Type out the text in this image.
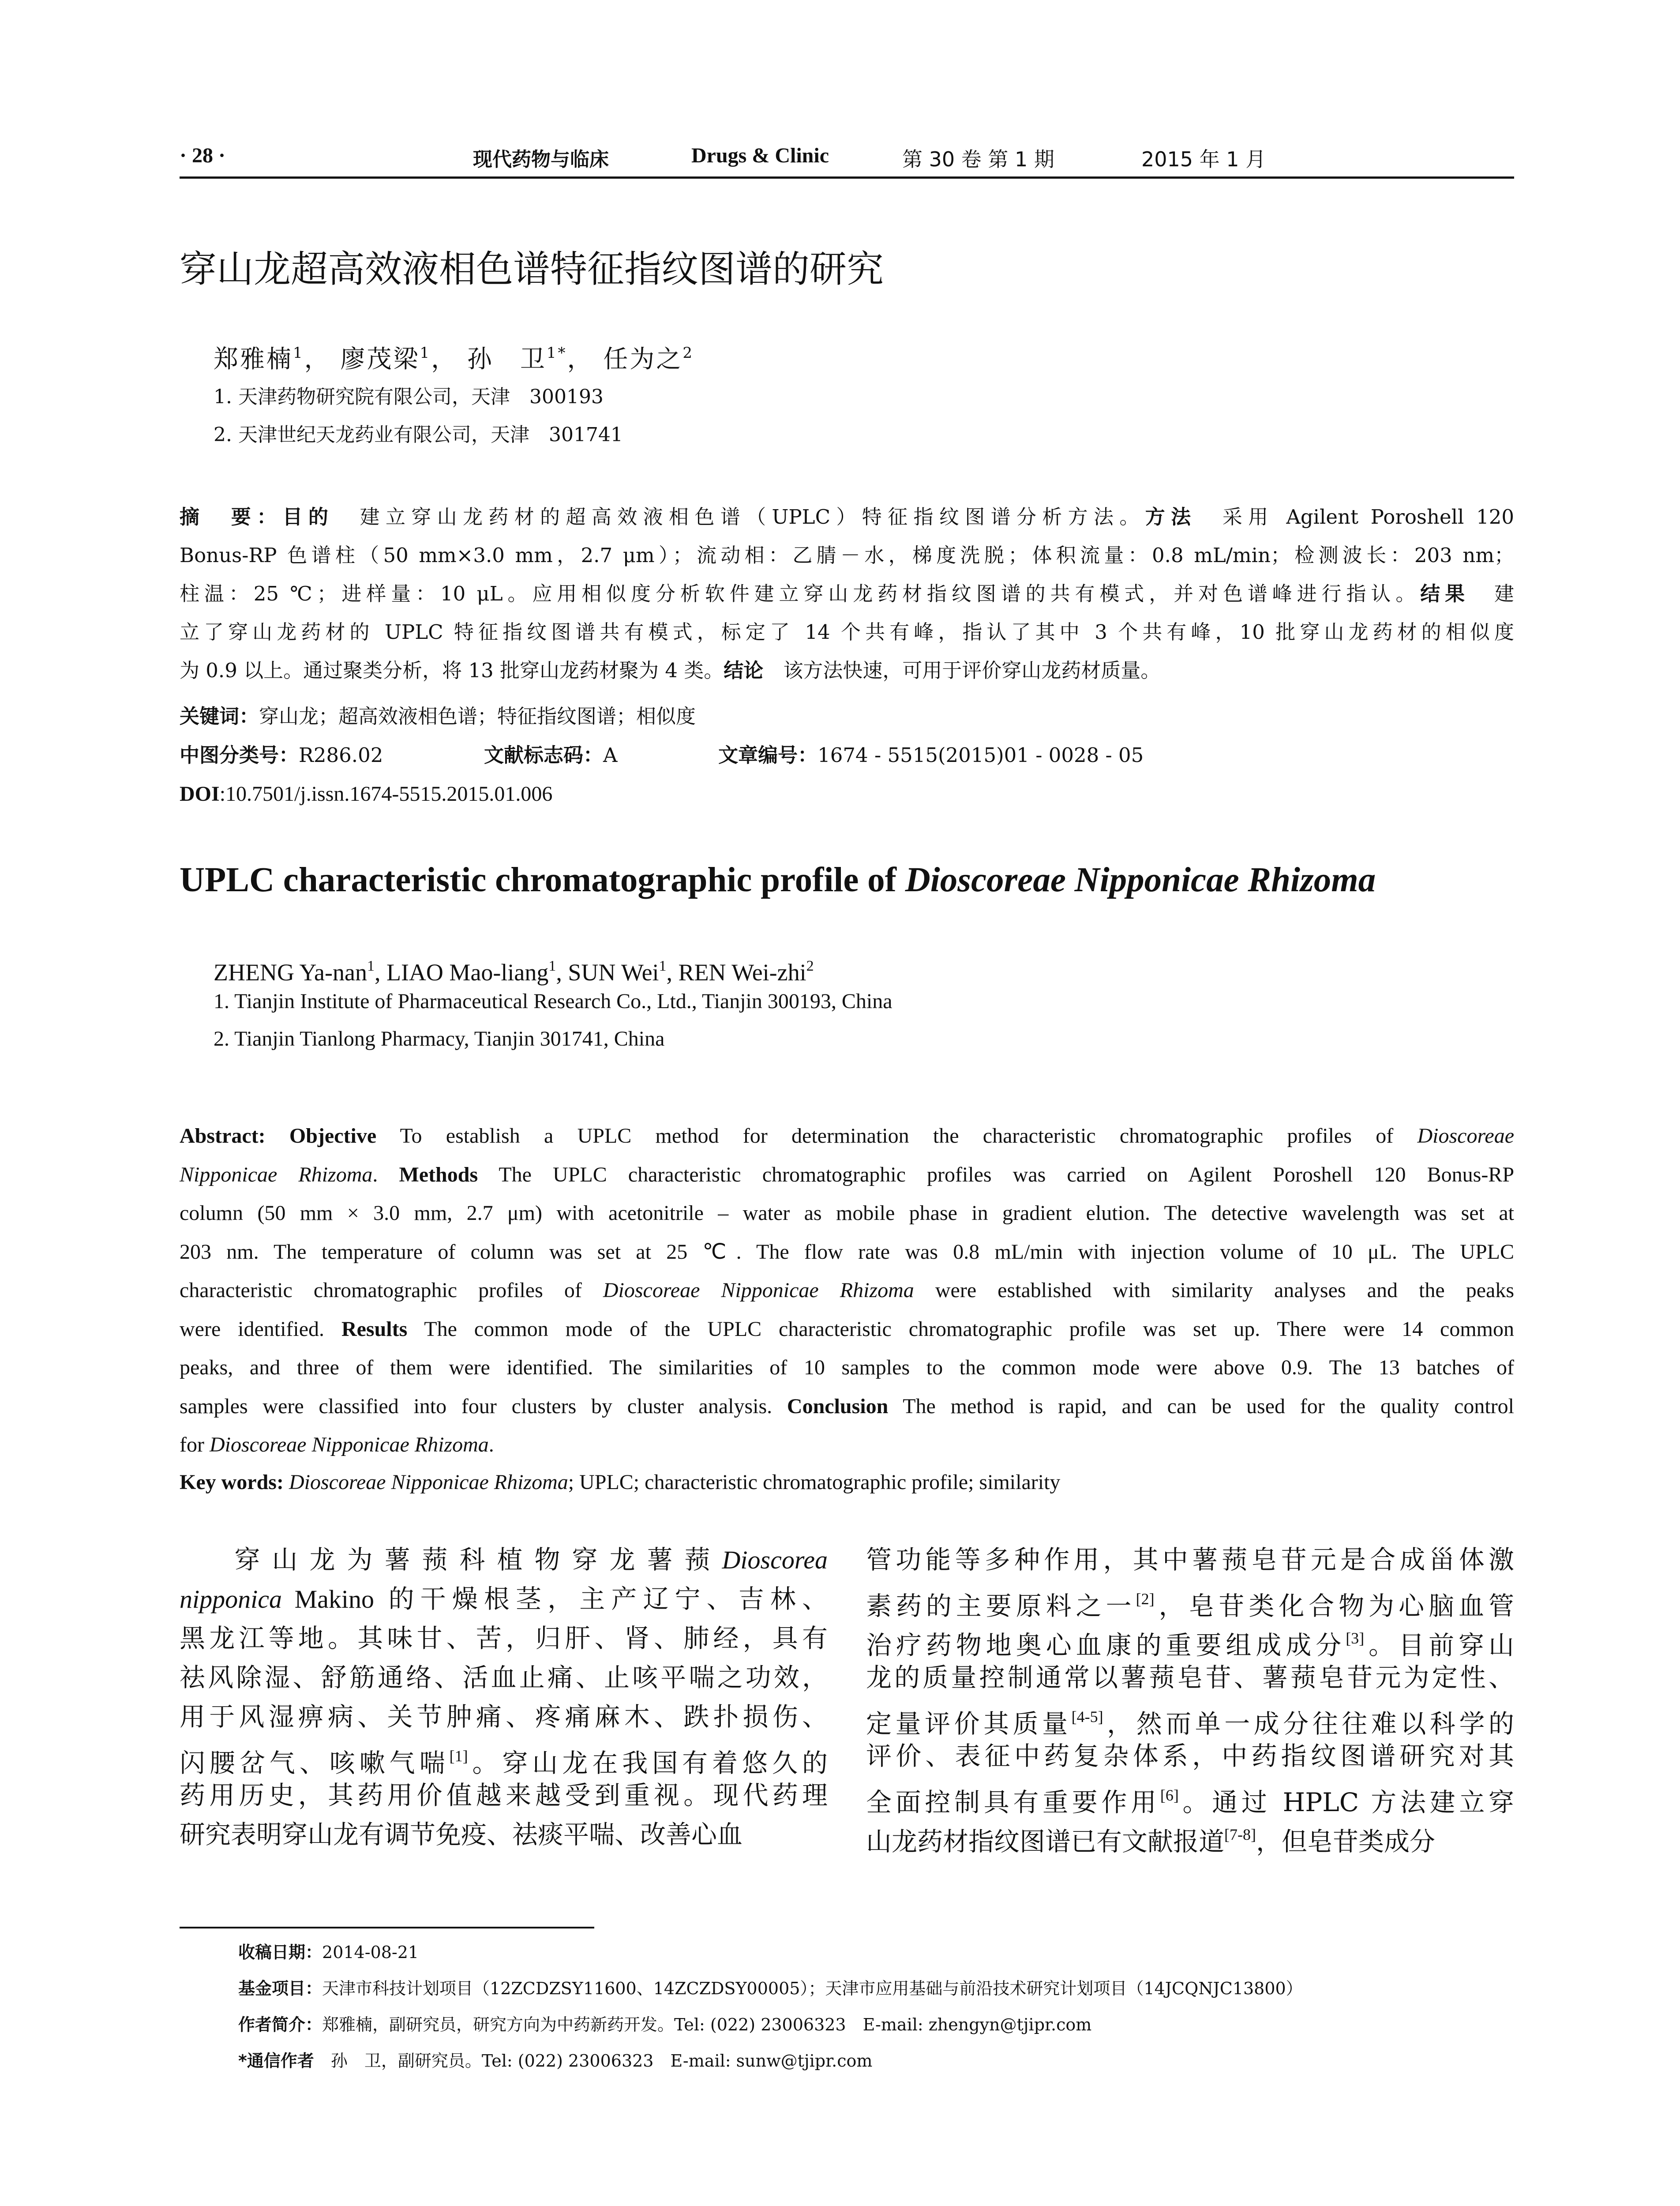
· 28 ·	现代药物与临床	Drugs & Clinic	第 30 卷 第 1 期	2015 年 1 月
穿山龙超高效液相色谱特征指纹图谱的研究
郑雅楠$^1$， 廖茂梁$^1$， 孙　卫$^{1*}$， 任为之$^2$
1. 天津药物研究院有限公司，天津　300193
2. 天津世纪天龙药业有限公司，天津　301741
摘　要：目的　建立穿山龙药材的超高效液相色谱（UPLC）特征指纹图谱分析方法。方法　采用 Agilent Poroshell 120
Bonus-RP 色谱柱（50 mm×3.0 mm，2.7 μm）；流动相：乙腈－水，梯度洗脱；体积流量：0.8 mL/min；检测波长：203 nm；
柱温：25 ℃；进样量：10 μL。应用相似度分析软件建立穿山龙药材指纹图谱的共有模式，并对色谱峰进行指认。结果　建
立了穿山龙药材的 UPLC 特征指纹图谱共有模式，标定了 14 个共有峰，指认了其中 3 个共有峰，10 批穿山龙药材的相似度
为 0.9 以上。通过聚类分析，将 13 批穿山龙药材聚为 4 类。结论　该方法快速，可用于评价穿山龙药材质量。
关键词：穿山龙；超高效液相色谱；特征指纹图谱；相似度
中图分类号：R286.02	文献标志码：A	文章编号：1674 - 5515(2015)01 - 0028 - 05
DOI:10.7501/j.issn.1674-5515.2015.01.006
UPLC characteristic chromatographic profile of Dioscoreae Nipponicae Rhizoma
ZHENG Ya-nan$^1$, LIAO Mao-liang$^1$, SUN Wei$^1$, REN Wei-zhi$^2$
1. Tianjin Institute of Pharmaceutical Research Co., Ltd., Tianjin 300193, China
2. Tianjin Tianlong Pharmacy, Tianjin 301741, China
Abstract: Objective To establish a UPLC method for determination the characteristic chromatographic profiles of Dioscoreae
Nipponicae Rhizoma. Methods The UPLC characteristic chromatographic profiles was carried on Agilent Poroshell 120 Bonus-RP
column (50 mm × 3.0 mm, 2.7 μm) with acetonitrile – water as mobile phase in gradient elution. The detective wavelength was set at
203 nm. The temperature of column was set at 25 ℃. The flow rate was 0.8 mL/min with injection volume of 10 μL. The UPLC
characteristic chromatographic profiles of Dioscoreae Nipponicae Rhizoma were established with similarity analyses and the peaks
were identified. Results The common mode of the UPLC characteristic chromatographic profile was set up. There were 14 common
peaks, and three of them were identified. The similarities of 10 samples to the common mode were above 0.9. The 13 batches of
samples were classified into four clusters by cluster analysis. Conclusion The method is rapid, and can be used for the quality control
for Dioscoreae Nipponicae Rhizoma.
Key words: Dioscoreae Nipponicae Rhizoma; UPLC; characteristic chromatographic profile; similarity
　　穿 山 龙 为 薯 蓣 科 植 物 穿 龙 薯 蓣 Dioscorea
nipponica Makino 的干燥根茎，主产辽宁、吉林、
黑龙江等地。其味甘、苦，归肝、肾、肺经，具有
祛风除湿、舒筋通络、活血止痛、止咳平喘之功效，
用于风湿痹病、关节肿痛、疼痛麻木、跌扑损伤、
闪腰岔气、咳嗽气喘[1]。穿山龙在我国有着悠久的
药用历史，其药用价值越来越受到重视。现代药理
研究表明穿山龙有调节免疫、祛痰平喘、改善心血
管功能等多种作用，其中薯蓣皂苷元是合成甾体激
素药的主要原料之一[2]，皂苷类化合物为心脑血管
治疗药物地奥心血康的重要组成成分[3]。目前穿山
龙的质量控制通常以薯蓣皂苷、薯蓣皂苷元为定性、
定量评价其质量[4-5]，然而单一成分往往难以科学的
评价、表征中药复杂体系，中药指纹图谱研究对其
全面控制具有重要作用[6]。通过 HPLC 方法建立穿
山龙药材指纹图谱已有文献报道[7-8]，但皂苷类成分
收稿日期：2014-08-21
基金项目：天津市科技计划项目（12ZCDZSY11600、14ZCZDSY00005）；天津市应用基础与前沿技术研究计划项目（14JCQNJC13800）
作者简介：郑雅楠，副研究员，研究方向为中药新药开发。Tel: (022) 23006323　E-mail: zhengyn@tjipr.com
*通信作者　孙　卫，副研究员。Tel: (022) 23006323　E-mail: sunw@tjipr.com
